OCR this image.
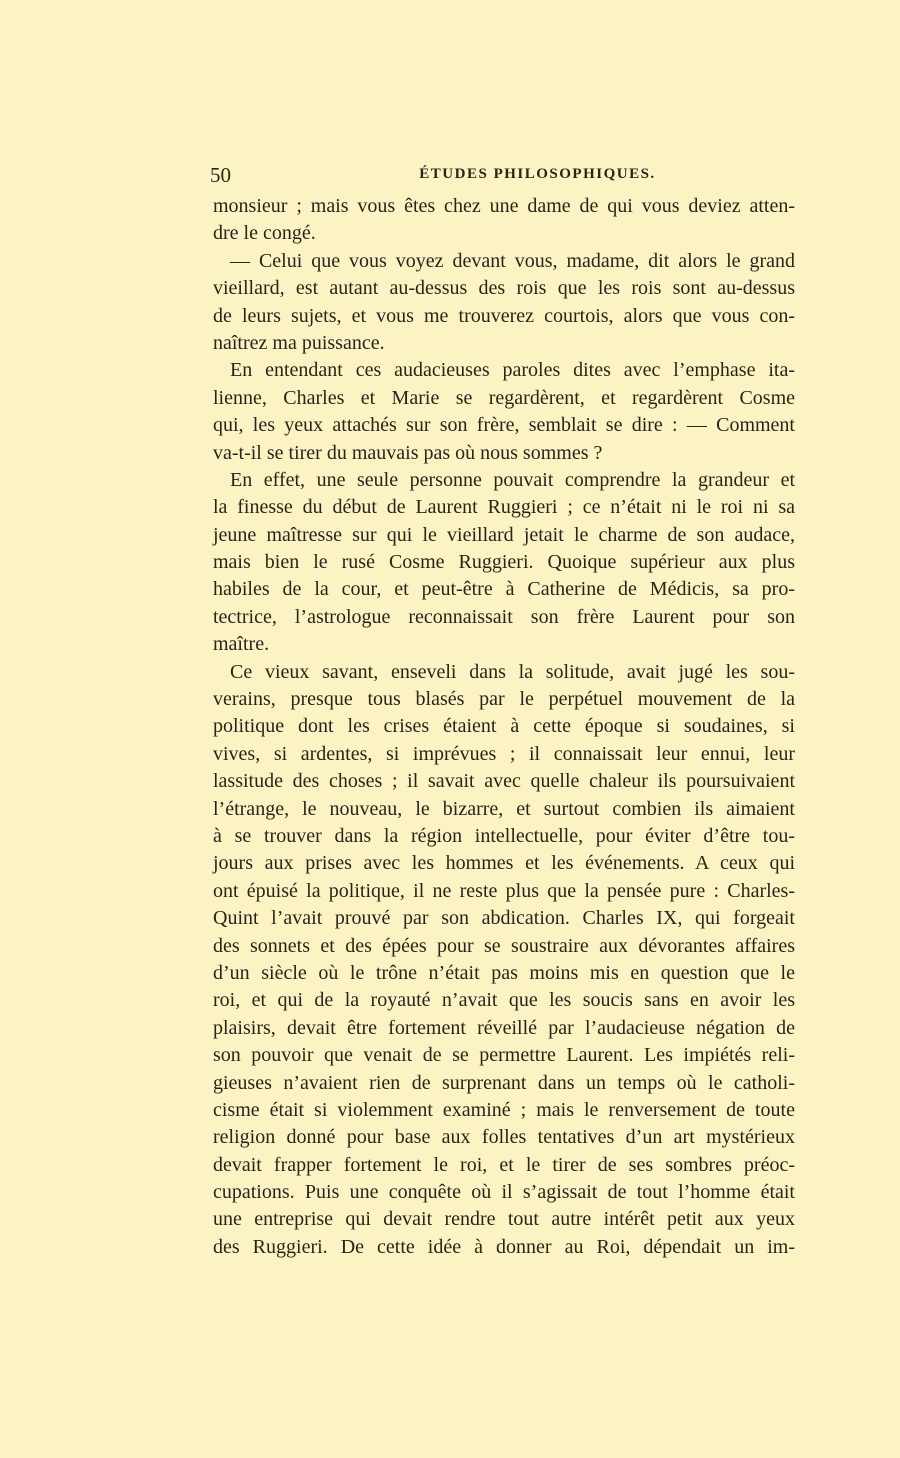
50	ÉTUDES PHILOSOPHIQUES.
monsieur ; mais vous êtes chez une dame de qui vous deviez atten-
dre le congé.
— Celui que vous voyez devant vous, madame, dit alors le grand
vieillard, est autant au-dessus des rois que les rois sont au-dessus
de leurs sujets, et vous me trouverez courtois, alors que vous con-
naîtrez ma puissance.
En entendant ces audacieuses paroles dites avec l’emphase ita-
lienne, Charles et Marie se regardèrent, et regardèrent Cosme
qui, les yeux attachés sur son frère, semblait se dire : — Comment
va-t-il se tirer du mauvais pas où nous sommes ?
En effet, une seule personne pouvait comprendre la grandeur et
la finesse du début de Laurent Ruggieri ; ce n’était ni le roi ni sa
jeune maîtresse sur qui le vieillard jetait le charme de son audace,
mais bien le rusé Cosme Ruggieri. Quoique supérieur aux plus
habiles de la cour, et peut-être à Catherine de Médicis, sa pro-
tectrice, l’astrologue reconnaissait son frère Laurent pour son
maître.
Ce vieux savant, enseveli dans la solitude, avait jugé les sou-
verains, presque tous blasés par le perpétuel mouvement de la
politique dont les crises étaient à cette époque si soudaines, si
vives, si ardentes, si imprévues ; il connaissait leur ennui, leur
lassitude des choses ; il savait avec quelle chaleur ils poursuivaient
l’étrange, le nouveau, le bizarre, et surtout combien ils aimaient
à se trouver dans la région intellectuelle, pour éviter d’être tou-
jours aux prises avec les hommes et les événements. A ceux qui
ont épuisé la politique, il ne reste plus que la pensée pure : Charles-
Quint l’avait prouvé par son abdication. Charles IX, qui forgeait
des sonnets et des épées pour se soustraire aux dévorantes affaires
d’un siècle où le trône n’était pas moins mis en question que le
roi, et qui de la royauté n’avait que les soucis sans en avoir les
plaisirs, devait être fortement réveillé par l’audacieuse négation de
son pouvoir que venait de se permettre Laurent. Les impiétés reli-
gieuses n’avaient rien de surprenant dans un temps où le catholi-
cisme était si violemment examiné ; mais le renversement de toute
religion donné pour base aux folles tentatives d’un art mystérieux
devait frapper fortement le roi, et le tirer de ses sombres préoc-
cupations. Puis une conquête où il s’agissait de tout l’homme était
une entreprise qui devait rendre tout autre intérêt petit aux yeux
des Ruggieri. De cette idée à donner au Roi, dépendait un im-
